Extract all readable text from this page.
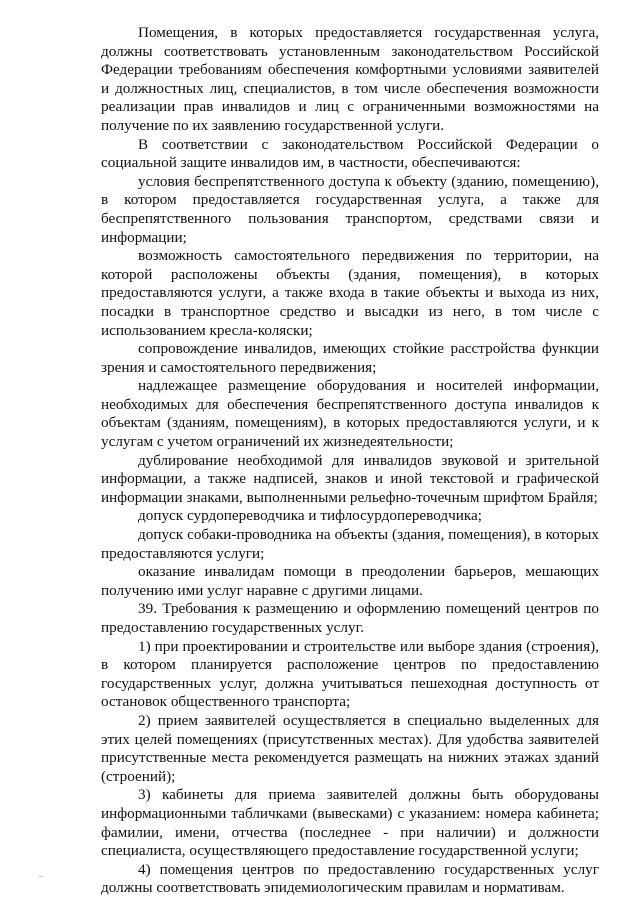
Помещения, в которых предоставляется государственная услуга, должны соответствовать установленным законодательством Российской Федерации требованиям обеспечения комфортными условиями заявителей и должностных лиц, специалистов, в том числе обеспечения возможности реализации прав инвалидов и лиц с ограниченными возможностями на получение по их заявлению государственной услуги.

В соответствии с законодательством Российской Федерации о социальной защите инвалидов им, в частности, обеспечиваются:

условия беспрепятственного доступа к объекту (зданию, помещению), в котором предоставляется государственная услуга, а также для беспрепятственного пользования транспортом, средствами связи и информации;

возможность самостоятельного передвижения по территории, на которой расположены объекты (здания, помещения), в которых предоставляются услуги, а также входа в такие объекты и выхода из них, посадки в транспортное средство и высадки из него, в том числе с использованием кресла-коляски;

сопровождение инвалидов, имеющих стойкие расстройства функции зрения и самостоятельного передвижения;

надлежащее размещение оборудования и носителей информации, необходимых для обеспечения беспрепятственного доступа инвалидов к объектам (зданиям, помещениям), в которых предоставляются услуги, и к услугам с учетом ограничений их жизнедеятельности;

дублирование необходимой для инвалидов звуковой и зрительной информации, а также надписей, знаков и иной текстовой и графической информации знаками, выполненными рельефно-точечным шрифтом Брайля;

допуск сурдопереводчика и тифлосурдопереводчика;

допуск собаки-проводника на объекты (здания, помещения), в которых предоставляются услуги;

оказание инвалидам помощи в преодолении барьеров, мешающих получению ими услуг наравне с другими лицами.

39. Требования к размещению и оформлению помещений центров по предоставлению государственных услуг.

1) при проектировании и строительстве или выборе здания (строения), в котором планируется расположение центров по предоставлению государственных услуг, должна учитываться пешеходная доступность от остановок общественного транспорта;

2) прием заявителей осуществляется в специально выделенных для этих целей помещениях (присутственных местах). Для удобства заявителей присутственные места рекомендуется размещать на нижних этажах зданий (строений);

3) кабинеты для приема заявителей должны быть оборудованы информационными табличками (вывесками) с указанием: номера кабинета; фамилии, имени, отчества (последнее - при наличии) и должности специалиста, осуществляющего предоставление государственной услуги;

4) помещения центров по предоставлению государственных услуг должны соответствовать эпидемиологическим правилам и нормативам.
